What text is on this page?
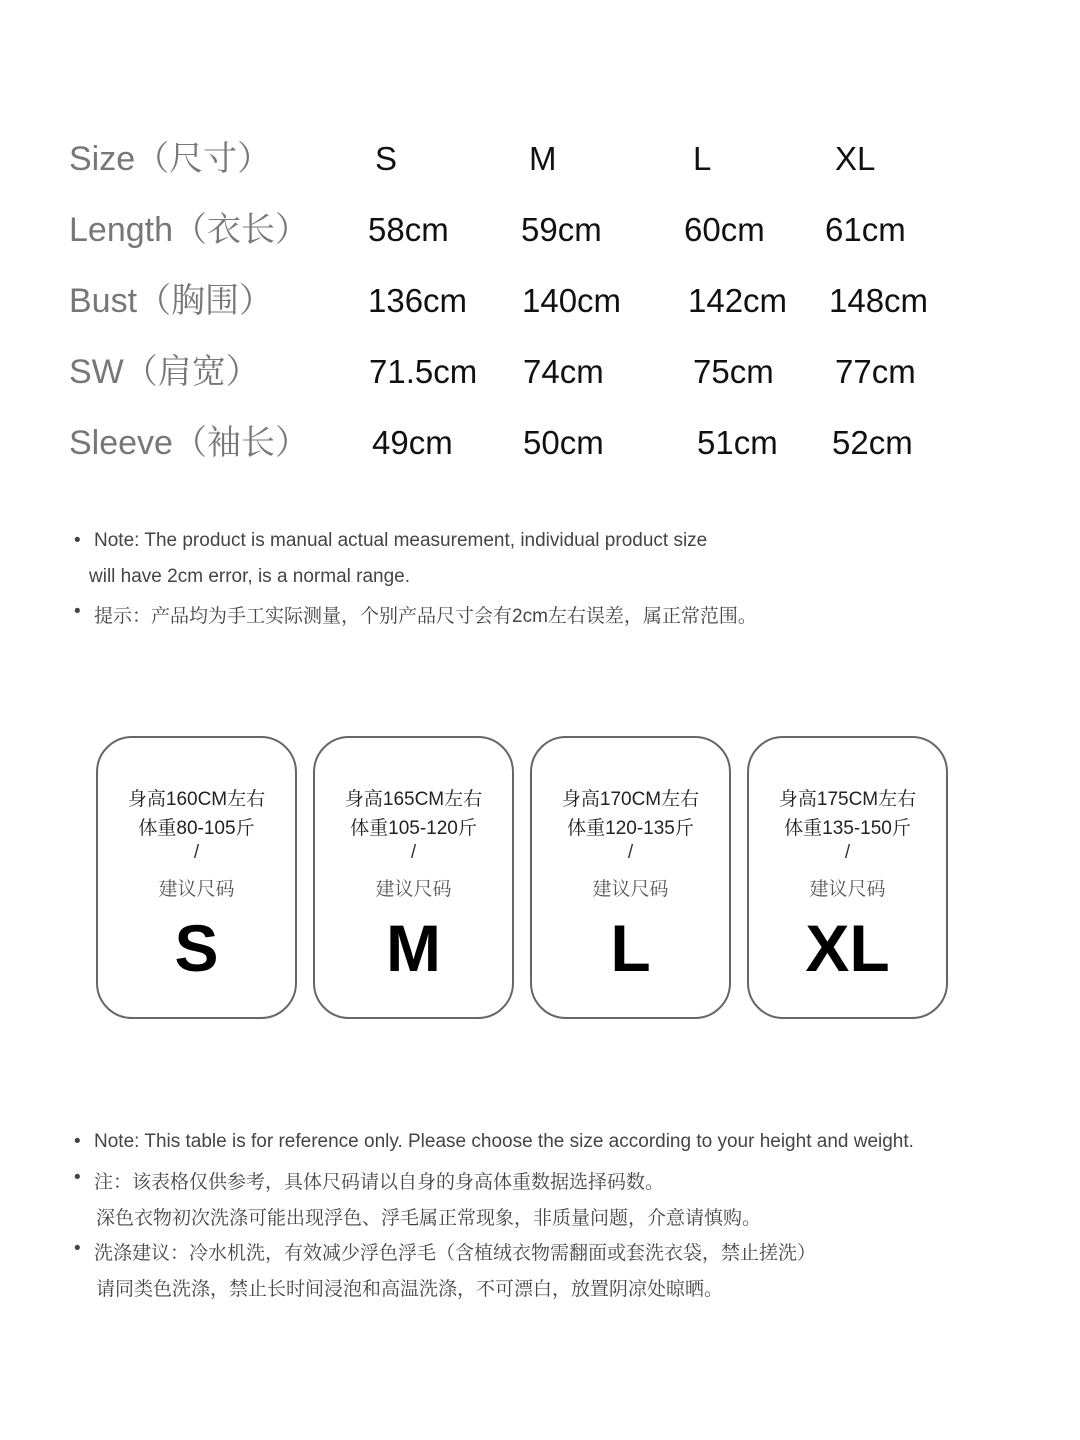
Size（尺寸）	S	M	L	XL
Length（衣长） 58cm 59cm 60cm 61cm
Bust（胸围）	136cm 140cm 142cm 148cm
SW（肩宽）	71.5cm 74cm	75cm 77cm
Sleeve（袖长） 49cm 50cm	51cm 52cm
• Note: The product is manual actual measurement, individual product size
will have 2cm error, is a normal range.
• 提示：产品均为手工实际测量，个别产品尺寸会有2cm左右误差，属正常范围。
身高160CM左右
体重80-105斤
/
建议尺码
S
身高165CM左右
体重105-120斤
/
建议尺码
M
身高170CM左右
体重120-135斤
/
建议尺码
L
身高175CM左右
体重135-150斤
/
建议尺码
XL
• Note: This table is for reference only. Please choose the size according to your height and weight.
• 注：该表格仅供参考，具体尺码请以自身的身高体重数据选择码数。
深色衣物初次洗涤可能出现浮色、浮毛属正常现象，非质量问题，介意请慎购。
• 洗涤建议：冷水机洗，有效减少浮色浮毛（含植绒衣物需翻面或套洗衣袋，禁止搓洗）
请同类色洗涤，禁止长时间浸泡和高温洗涤，不可漂白，放置阴凉处晾晒。
